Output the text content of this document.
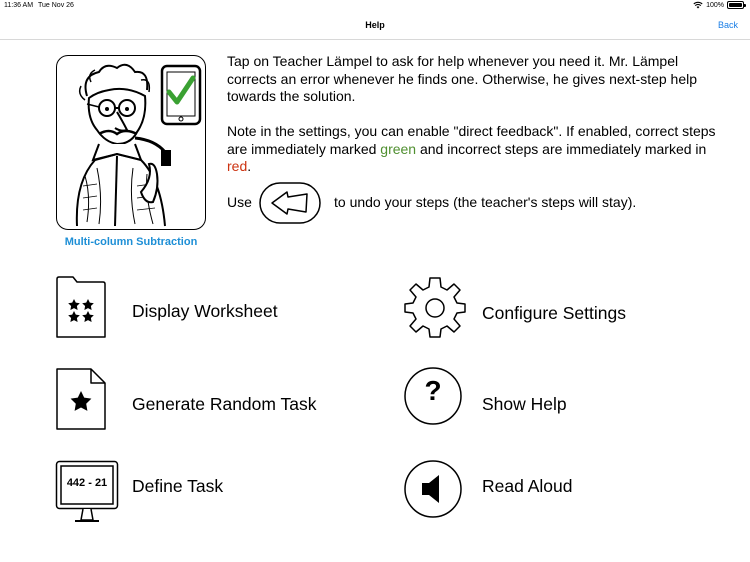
11:36 AM Tue Nov 26	100%
Help	Back
Multi-column Subtraction
Tap on Teacher Lämpel to ask for help whenever you need it. Mr. Lämpel corrects an error whenever he finds one. Otherwise, he gives next-step help towards the solution.
Note in the settings, you can enable "direct feedback". If enabled, correct steps are immediately marked green and incorrect steps are immediately marked in red.
Use	to undo your steps (the teacher's steps will stay).
Display Worksheet	Configure Settings
Generate Random Task	?	Show Help
442 - 21	Define Task	Read Aloud
